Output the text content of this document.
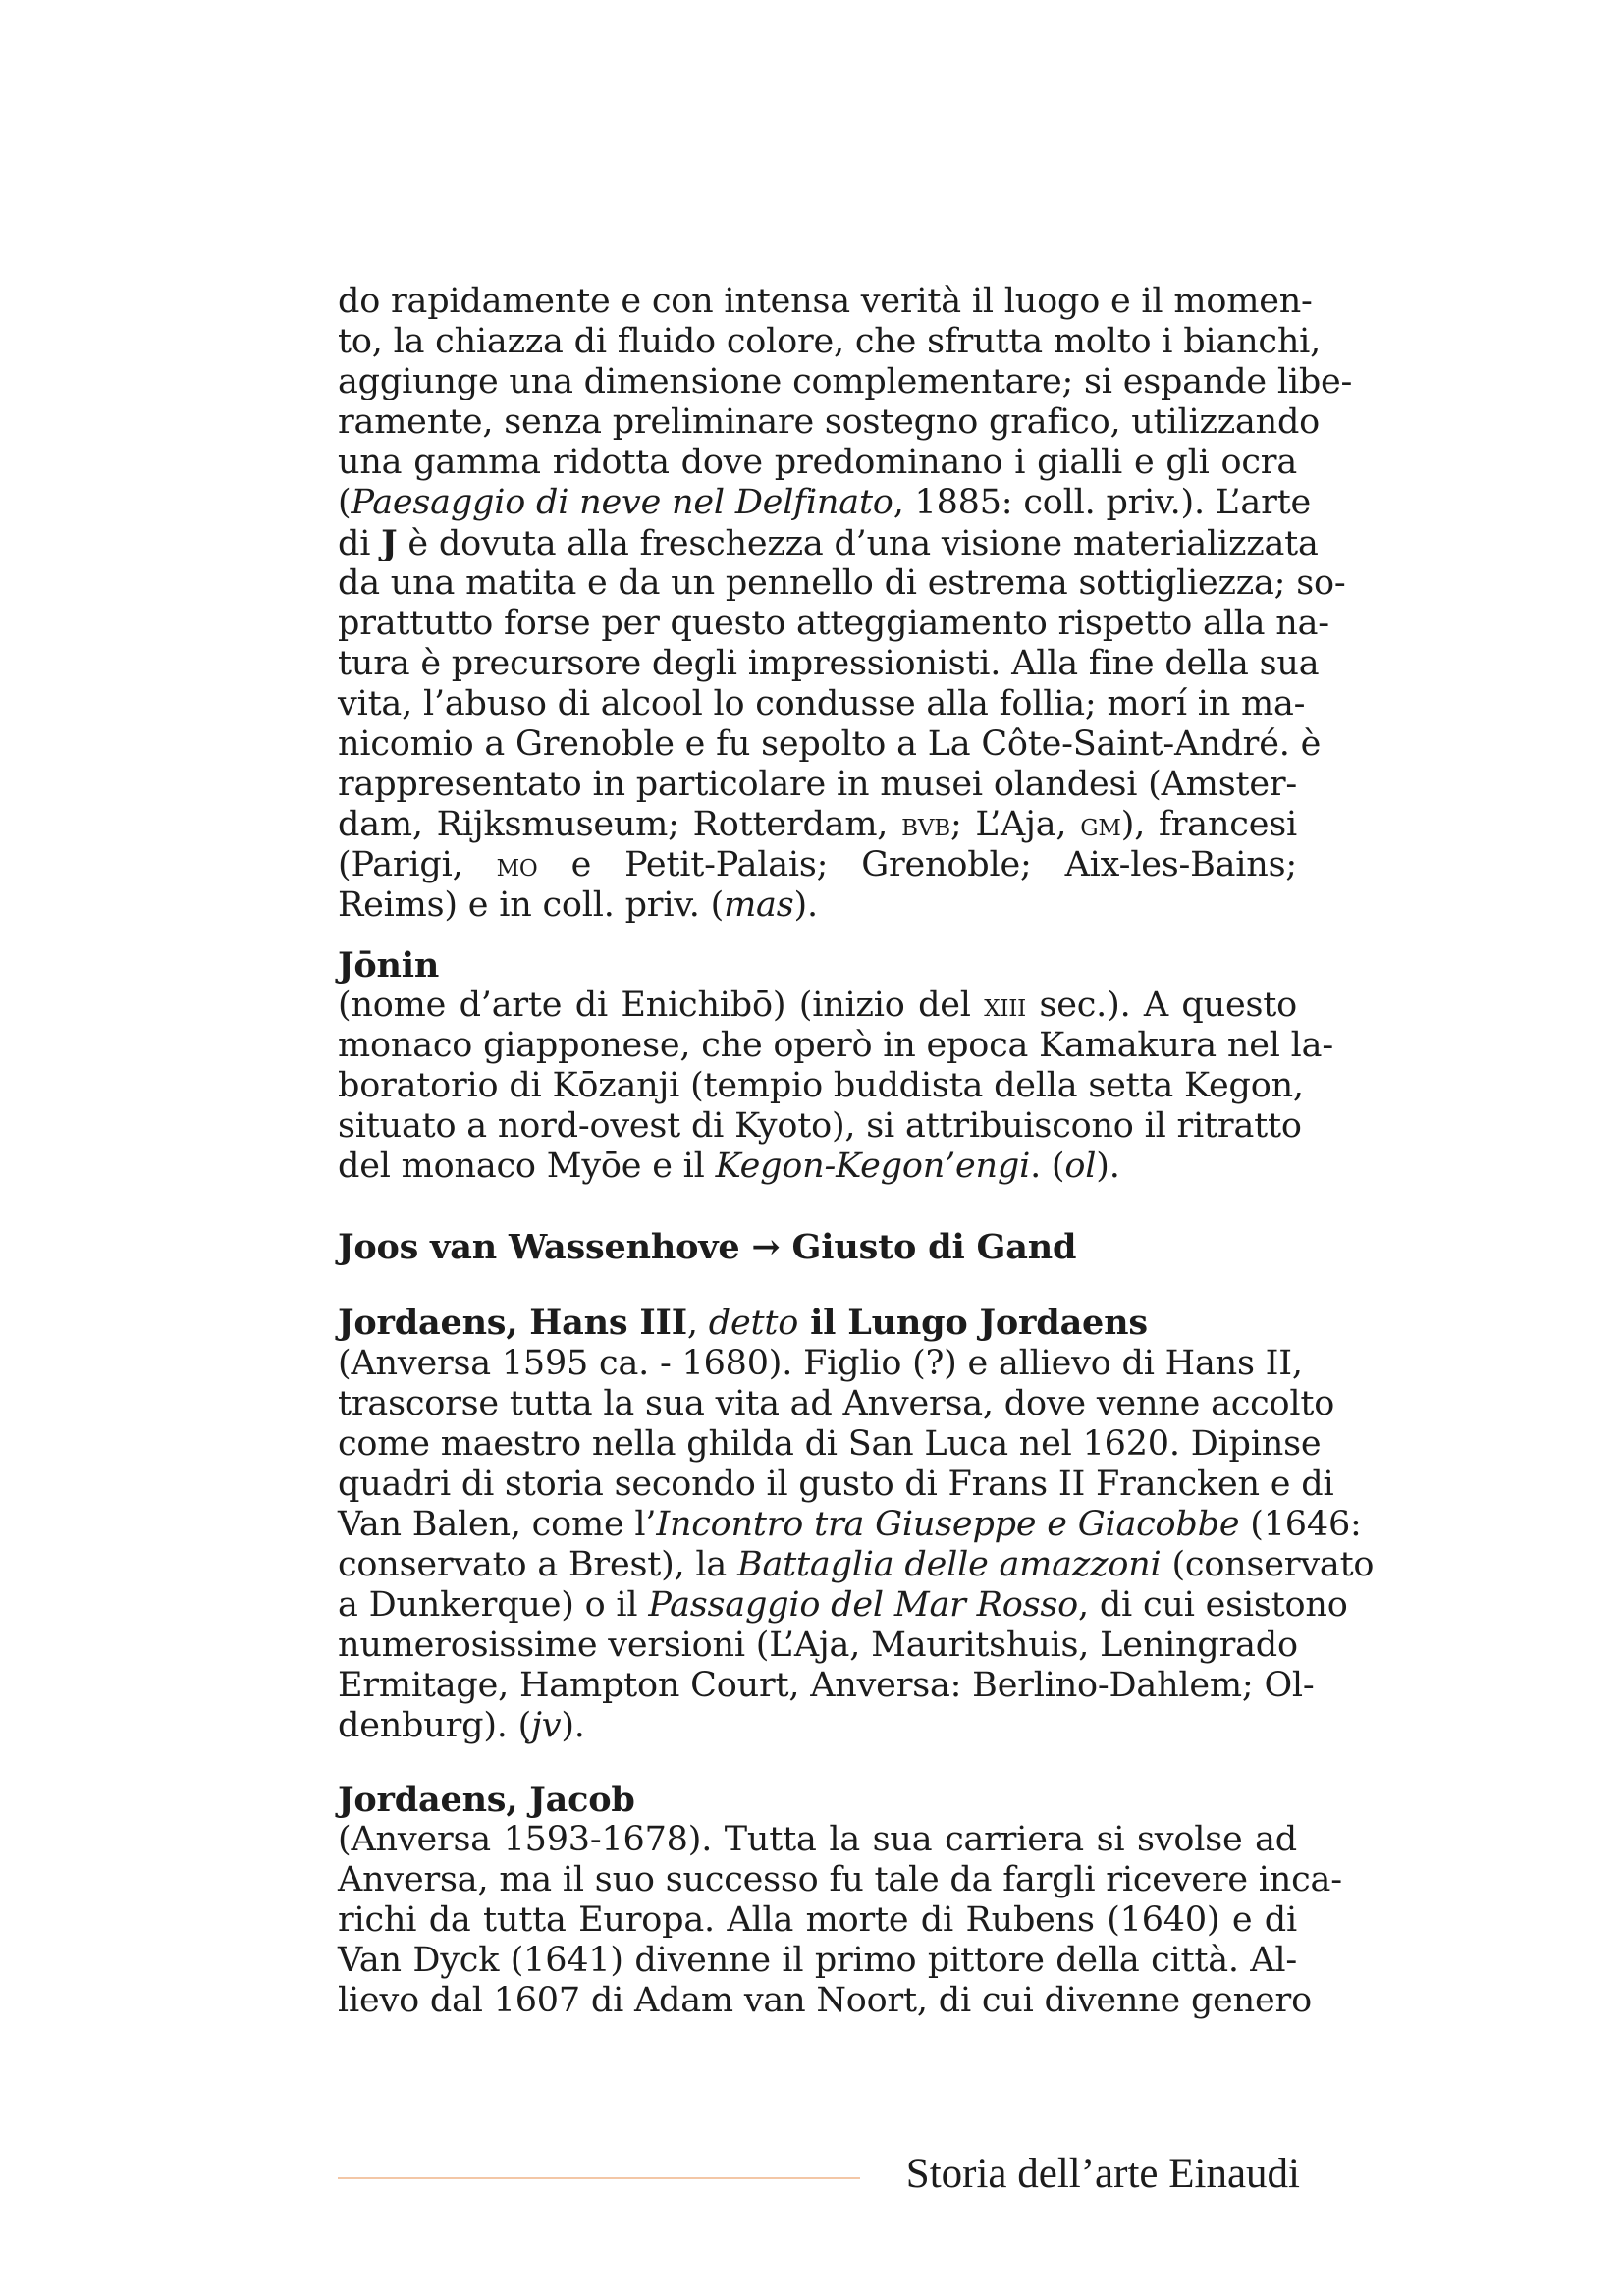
do rapidamente e con intensa verità il luogo e il momen-
to, la chiazza di fluido colore, che sfrutta molto i bianchi,
aggiunge una dimensione complementare; si espande libe-
ramente, senza preliminare sostegno grafico, utilizzando
una gamma ridotta dove predominano i gialli e gli ocra
(Paesaggio di neve nel Delfinato, 1885: coll. priv.). L’arte
di J è dovuta alla freschezza d’una visione materializzata
da una matita e da un pennello di estrema sottigliezza; so-
prattutto forse per questo atteggiamento rispetto alla na-
tura è precursore degli impressionisti. Alla fine della sua
vita, l’abuso di alcool lo condusse alla follia; morí in ma-
nicomio a Grenoble e fu sepolto a La Côte-Saint-André. è
rappresentato in particolare in musei olandesi (Amster-
dam, Rijksmuseum; Rotterdam, bvb; L’Aja, gm), francesi
(Parigi, mo e Petit-Palais; Grenoble; Aix-les-Bains;
Reims) e in coll. priv. (mas).
Jōnin
(nome d’arte di Enichibō) (inizio del xiii sec.). A questo
monaco giapponese, che operò in epoca Kamakura nel la-
boratorio di Kōzanji (tempio buddista della setta Kegon,
situato a nord-ovest di Kyoto), si attribuiscono il ritratto
del monaco Myōe e il Kegon-Kegon’engi. (ol).
Joos van Wassenhove → Giusto di Gand
Jordaens, Hans III, detto il Lungo Jordaens
(Anversa 1595 ca. - 1680). Figlio (?) e allievo di Hans II,
trascorse tutta la sua vita ad Anversa, dove venne accolto
come maestro nella ghilda di San Luca nel 1620. Dipinse
quadri di storia secondo il gusto di Frans II Francken e di
Van Balen, come l’Incontro tra Giuseppe e Giacobbe (1646:
conservato a Brest), la Battaglia delle amazzoni (conservato
a Dunkerque) o il Passaggio del Mar Rosso, di cui esistono
numerosissime versioni (L’Aja, Mauritshuis, Leningrado
Ermitage, Hampton Court, Anversa: Berlino-Dahlem; Ol-
denburg). (jv).
Jordaens, Jacob
(Anversa 1593-1678). Tutta la sua carriera si svolse ad
Anversa, ma il suo successo fu tale da fargli ricevere inca-
richi da tutta Europa. Alla morte di Rubens (1640) e di
Van Dyck (1641) divenne il primo pittore della città. Al-
lievo dal 1607 di Adam van Noort, di cui divenne genero
Storia dell’arte Einaudi
